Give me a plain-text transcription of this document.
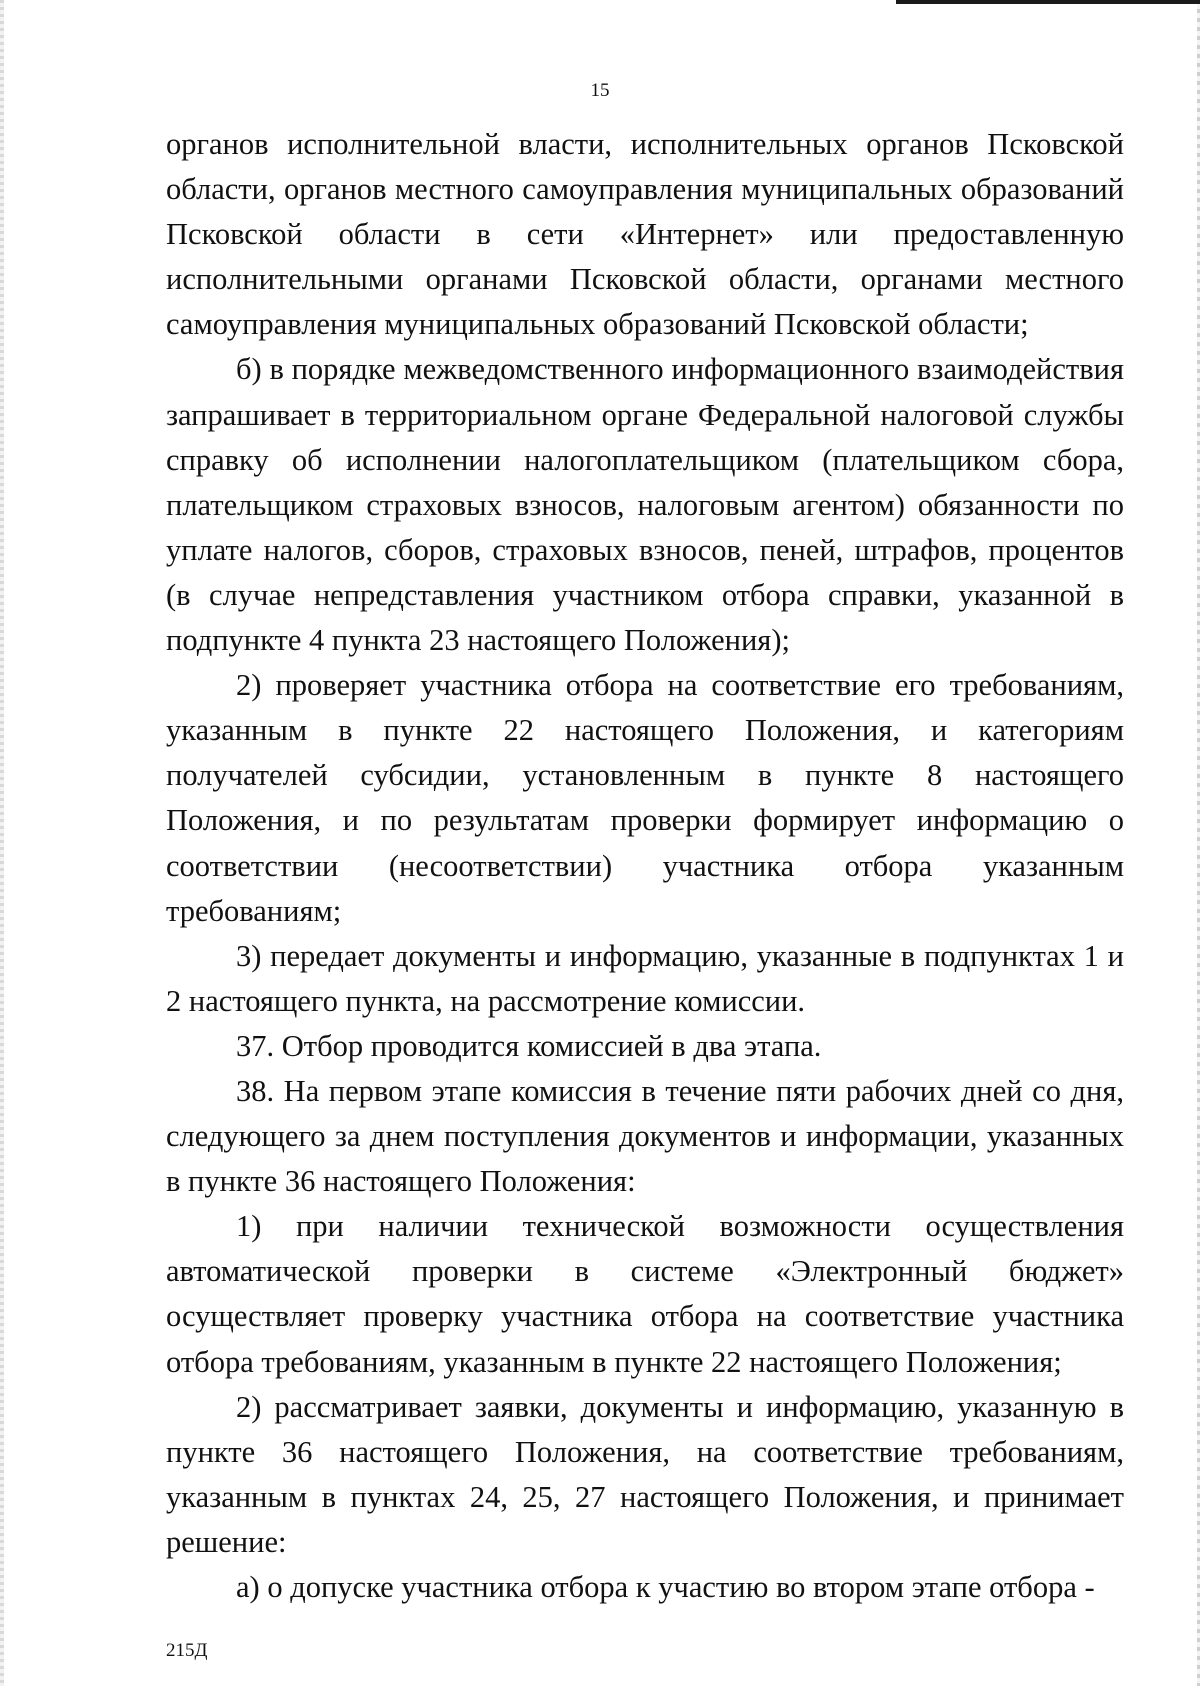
15

органов исполнительной власти, исполнительных органов Псковской области, органов местного самоуправления муниципальных образований Псковской области в сети «Интернет» или предоставленную исполнительными органами Псковской области, органами местного самоуправления муниципальных образований Псковской области;

б) в порядке межведомственного информационного взаимодействия запрашивает в территориальном органе Федеральной налоговой службы справку об исполнении налогоплательщиком (плательщиком сбора, плательщиком страховых взносов, налоговым агентом) обязанности по уплате налогов, сборов, страховых взносов, пеней, штрафов, процентов (в случае непредставления участником отбора справки, указанной в подпункте 4 пункта 23 настоящего Положения);

2) проверяет участника отбора на соответствие его требованиям, указанным в пункте 22 настоящего Положения, и категориям получателей субсидии, установленным в пункте 8 настоящего Положения, и по результатам проверки формирует информацию о соответствии (несоответствии) участника отбора указанным требованиям;

3) передает документы и информацию, указанные в подпунктах 1 и 2 настоящего пункта, на рассмотрение комиссии.

37. Отбор проводится комиссией в два этапа.

38. На первом этапе комиссия в течение пяти рабочих дней со дня, следующего за днем поступления документов и информации, указанных в пункте 36 настоящего Положения:

1) при наличии технической возможности осуществления автоматической проверки в системе «Электронный бюджет» осуществляет проверку участника отбора на соответствие участника отбора требованиям, указанным в пункте 22 настоящего Положения;

2) рассматривает заявки, документы и информацию, указанную в пункте 36 настоящего Положения, на соответствие требованиям, указанным в пунктах 24, 25, 27 настоящего Положения, и принимает решение:

а) о допуске участника отбора к участию во втором этапе отбора -

215Д
